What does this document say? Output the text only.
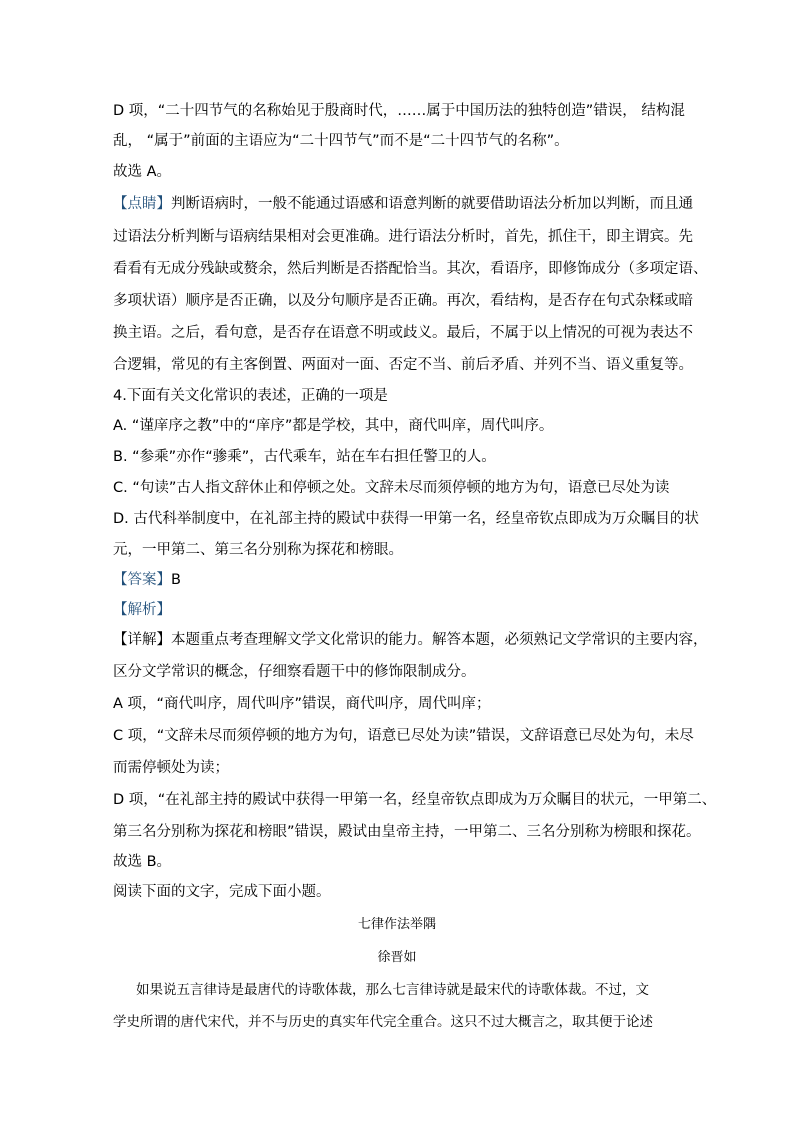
D 项，“二十四节气的名称始见于殷商时代，……属于中国历法的独特创造”错误， 结构混
乱， “属于”前面的主语应为“二十四节气”而不是“二十四节气的名称”。
故选 A。
【点睛】判断语病时，一般不能通过语感和语意判断的就要借助语法分析加以判断，而且通
过语法分析判断与语病结果相对会更准确。进行语法分析时，首先，抓住干，即主谓宾。先
看看有无成分残缺或赘余，然后判断是否搭配恰当。其次，看语序，即修饰成分（多项定语、
多项状语）顺序是否正确，以及分句顺序是否正确。再次，看结构，是否存在句式杂糅或暗
换主语。之后，看句意，是否存在语意不明或歧义。最后，不属于以上情况的可视为表达不
合逻辑，常见的有主客倒置、两面对一面、否定不当、前后矛盾、并列不当、语义重复等。
4.下面有关文化常识的表述，正确的一项是
A. “谨庠序之教”中的“庠序”都是学校，其中，商代叫庠，周代叫序。
B. “参乘”亦作“骖乘”，古代乘车，站在车右担任警卫的人。
C. “句读”古人指文辞休止和停顿之处。文辞未尽而须停顿的地方为句，语意已尽处为读
D. 古代科举制度中，在礼部主持的殿试中获得一甲第一名，经皇帝钦点即成为万众瞩目的状
元，一甲第二、第三名分别称为探花和榜眼。
【答案】B
【解析】
【详解】本题重点考查理解文学文化常识的能力。解答本题，必须熟记文学常识的主要内容，
区分文学常识的概念，仔细察看题干中的修饰限制成分。
A 项，“商代叫序，周代叫序”错误，商代叫序，周代叫庠；
C 项，“文辞未尽而须停顿的地方为句，语意已尽处为读”错误，文辞语意已尽处为句，未尽
而需停顿处为读；
D 项，“在礼部主持的殿试中获得一甲第一名，经皇帝钦点即成为万众瞩目的状元，一甲第二、
第三名分别称为探花和榜眼”错误，殿试由皇帝主持，一甲第二、三名分别称为榜眼和探花。
故选 B。
阅读下面的文字，完成下面小题。
七律作法举隅
徐晋如
如果说五言律诗是最唐代的诗歌体裁，那么七言律诗就是最宋代的诗歌体裁。不过，文
学史所谓的唐代宋代，并不与历史的真实年代完全重合。这只不过大概言之，取其便于论述
